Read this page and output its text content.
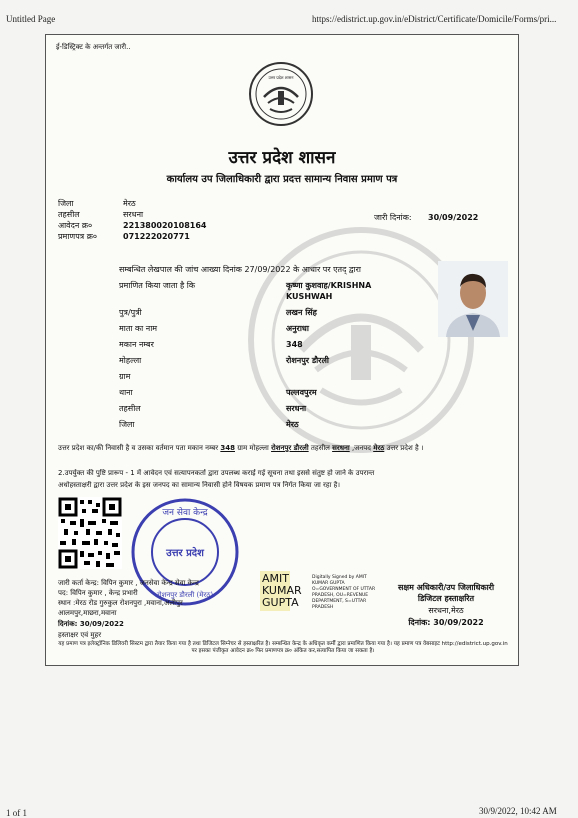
Untitled Page	https://edistrict.up.gov.in/eDistrict/Certificate/Domicile/Forms/pri...
1 of 1	30/9/2022, 10:42 AM
ई-डिस्ट्रिक्ट के अन्तर्गत जारी..
उत्तर प्रदेश शासन
उत्तर प्रदेश शासन
कार्यालय उप जिलाधिकारी द्वारा प्रदत्त सामान्य निवास प्रमाण पत्र
जिला	मेरठ
तहसील	सरधना
आवेदन क्र०	221380020108164
प्रमाणपत्र क्र०	071222020771
जारी दिनांक: 30/09/2022
सम्बन्धित लेखपाल की जांच आख्या दिनांक 27/09/2022 के आधार पर एतद् द्वारा
प्रमाणित किया जाता है कि	कृष्णा कुशवाह/KRISHNA
KUSHWAH
पुत्र/पुत्री	लखन सिंह
माता का नाम	अनुराधा
मकान नम्बर	348
मोहल्ला	रोशनपुर डौरली
ग्राम
थाना	पल्लवपुरम
तहसील	सरधना
जिला	मेरठ
उत्तर प्रदेश का/की निवासी है व उसका वर्तमान पता मकान नम्बर 348 ग्राम मोहल्ला रोशनपुर डौरली तहसील सरधना ,जनपद मेरठ उत्तर प्रदेश है ।
2.उपर्युक्त की पुष्टि प्रारूप - 1 में आवेदन एवं सत्यापनकर्ता द्वारा उपलब्ध कराई गई सूचना तथा इससे संतुष्ट हो जाने के उपरान्त
अधोहस्ताक्षरी द्वारा उत्तर प्रदेश के इस जनपद का सामान्य निवासी होने विषयक प्रमाण पत्र निर्गत किया जा रहा है।
जन सेवा केन्द्र
उत्तर प्रदेश
रोशनपुर डौरली (मेरठ)
जारी कर्ता केन्द्र: विपिन कुमार , जनसेवा केन्द्र सेवा केन्द्र
पद: विपिन कुमार , केन्द्र प्रभारी
स्थान :मेरठ रोड गुरुकुल रोशनपुरा ,मवाना,अलीपुर
आलमपुर,माछरा,मवाना
दिनांक: 30/09/2022
हस्ताक्षर एवं मुहर
AMIT
KUMAR
GUPTA
Digitally Signed by AMIT KUMAR GUPTA O=GOVERNMENT OF UTTAR PRADESH, OU=REVENUE DEPARTMENT, S=UTTAR PRADESH
सक्षम अधिकारी/उप जिलाधिकारी
डिजिटल हस्ताक्षरित
सरधना,मेरठ
दिनांक: 30/09/2022
यह प्रमाण पत्र इलेक्ट्रॉनिक डिलिवरी सिस्टम द्वारा तैयार किया गया है तथा डिजिटल सिग्नेचर से हस्ताक्षरित है। सम्बन्धित केन्द्र के अधिकृत कर्मी द्वारा प्रमाणित किया गया है। यह प्रमाण पत्र वेबसाइट http://edistrict.up.gov.in पर इसका पंजीकृत आवेदन क्र० फिर प्रमाणपत्र क्र० अंकित कर,सत्यापित किया जा सकता है।
